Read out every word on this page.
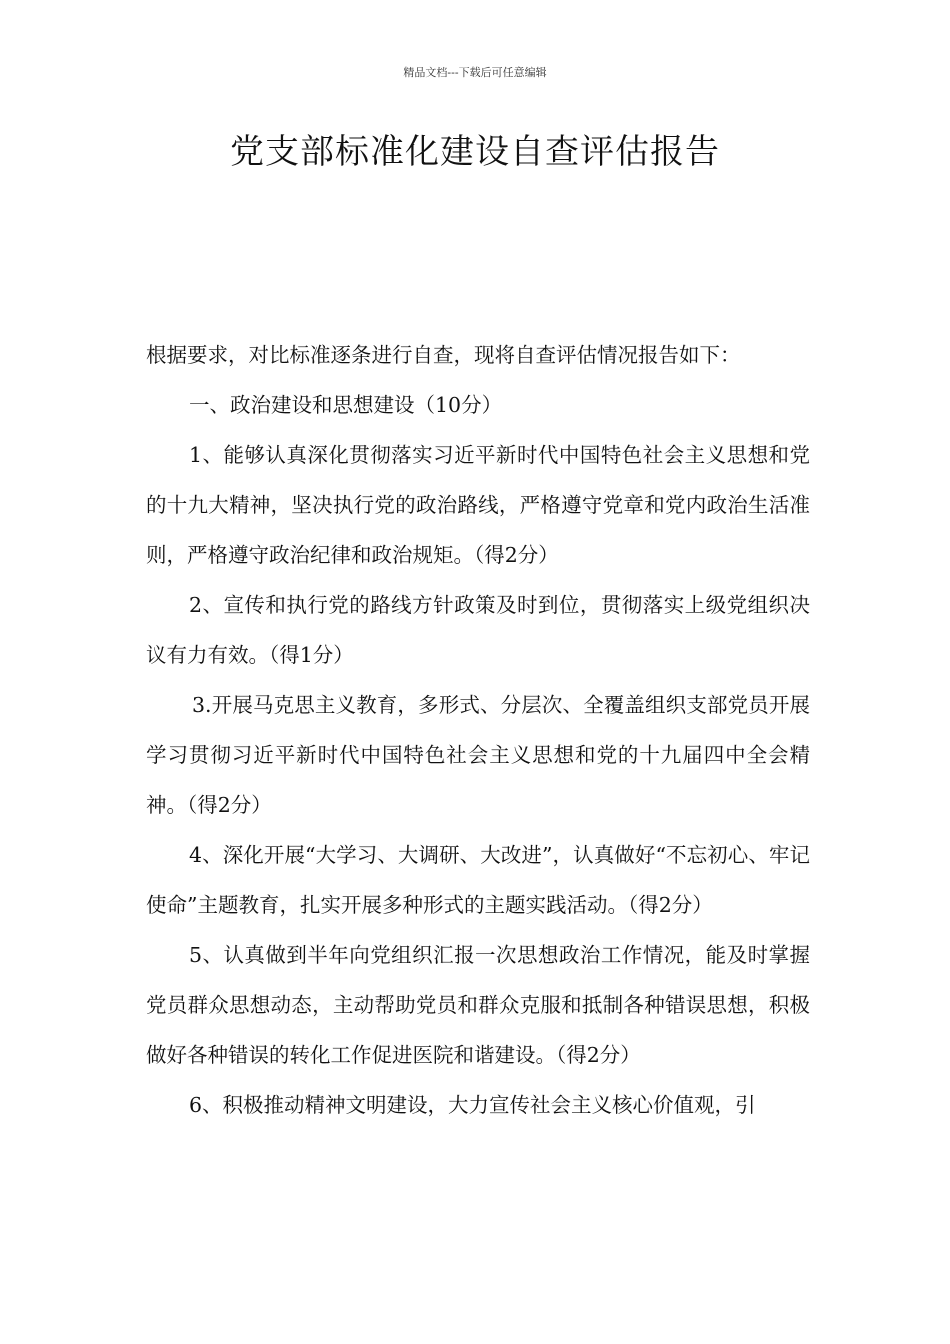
精品文档---下载后可任意编辑
党支部标准化建设自查评估报告

根据要求，对比标准逐条进行自查，现将自查评估情况报告如下：

一、政治建设和思想建设（10分）

1、能够认真深化贯彻落实习近平新时代中国特色社会主义思想和党的十九大精神，坚决执行党的政治路线，严格遵守党章和党内政治生活准则，严格遵守政治纪律和政治规矩。（得2分）

2、宣传和执行党的路线方针政策及时到位，贯彻落实上级党组织决议有力有效。（得1分）

3.开展马克思主义教育，多形式、分层次、全覆盖组织支部党员开展学习贯彻习近平新时代中国特色社会主义思想和党的十九届四中全会精神。（得2分）

4、深化开展“大学习、大调研、大改进”，认真做好“不忘初心、牢记使命”主题教育，扎实开展多种形式的主题实践活动。（得2分）

5、认真做到半年向党组织汇报一次思想政治工作情况，能及时掌握党员群众思想动态，主动帮助党员和群众克服和抵制各种错误思想，积极做好各种错误的转化工作促进医院和谐建设。（得2分）

6、积极推动精神文明建设，大力宣传社会主义核心价值观，引
